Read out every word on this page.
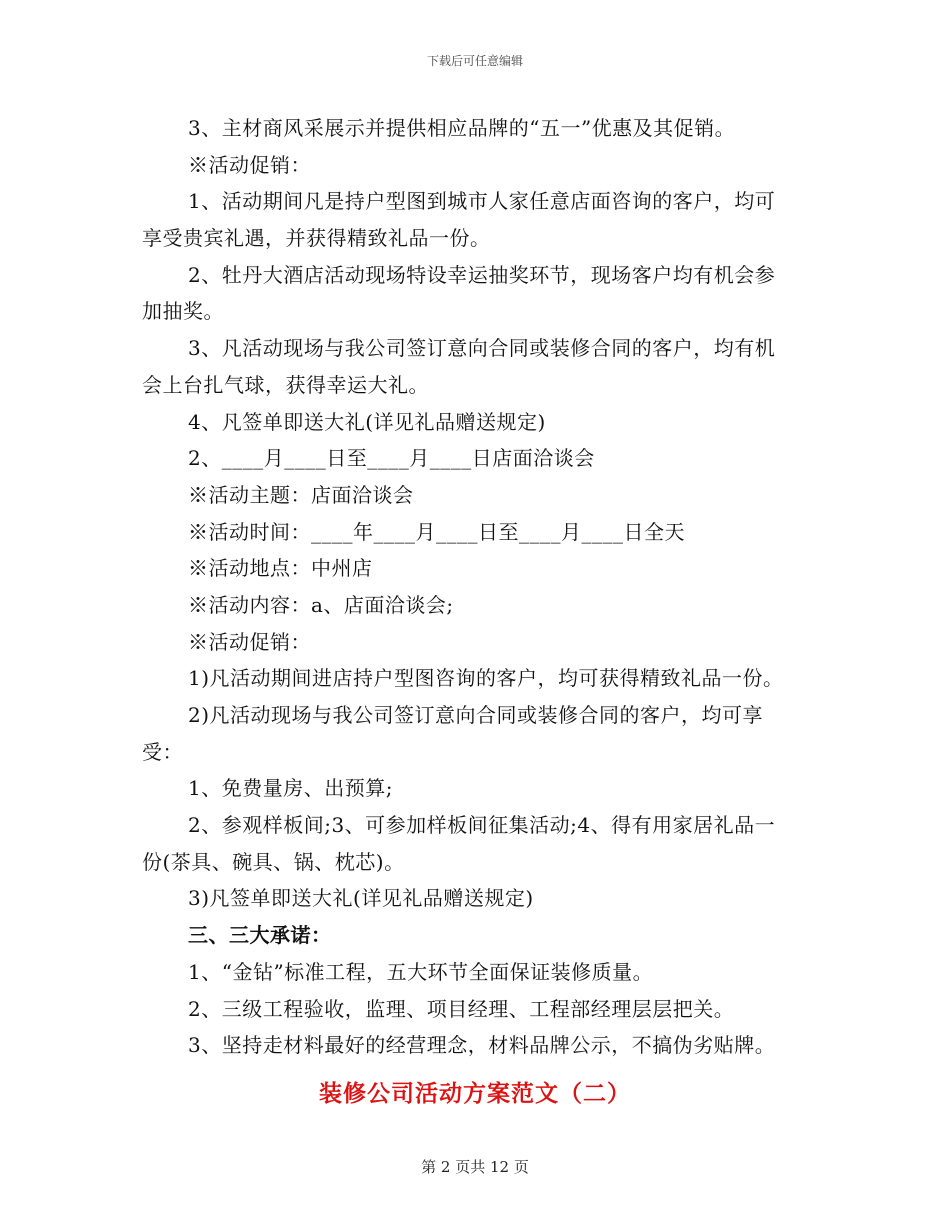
下载后可任意编辑
3、主材商风采展示并提供相应品牌的“五一”优惠及其促销。
※活动促销：
1、活动期间凡是持户型图到城市人家任意店面咨询的客户，均可
享受贵宾礼遇，并获得精致礼品一份。
2、牡丹大酒店活动现场特设幸运抽奖环节，现场客户均有机会参
加抽奖。
3、凡活动现场与我公司签订意向合同或装修合同的客户，均有机
会上台扎气球，获得幸运大礼。
4、凡签单即送大礼(详见礼品赠送规定)
2、____月____日至____月____日店面洽谈会
※活动主题：店面洽谈会
※活动时间：____年____月____日至____月____日全天
※活动地点：中州店
※活动内容：a、店面洽谈会;
※活动促销：
1)凡活动期间进店持户型图咨询的客户，均可获得精致礼品一份。
2)凡活动现场与我公司签订意向合同或装修合同的客户，均可享
受：
1、免费量房、出预算;
2、参观样板间;3、可参加样板间征集活动;4、得有用家居礼品一
份(茶具、碗具、锅、枕芯)。
3)凡签单即送大礼(详见礼品赠送规定)
三、三大承诺：
1、“金钻”标准工程，五大环节全面保证装修质量。
2、三级工程验收，监理、项目经理、工程部经理层层把关。
3、坚持走材料最好的经营理念，材料品牌公示，不搞伪劣贴牌。
装修公司活动方案范文（二）
第 2 页共 12 页
